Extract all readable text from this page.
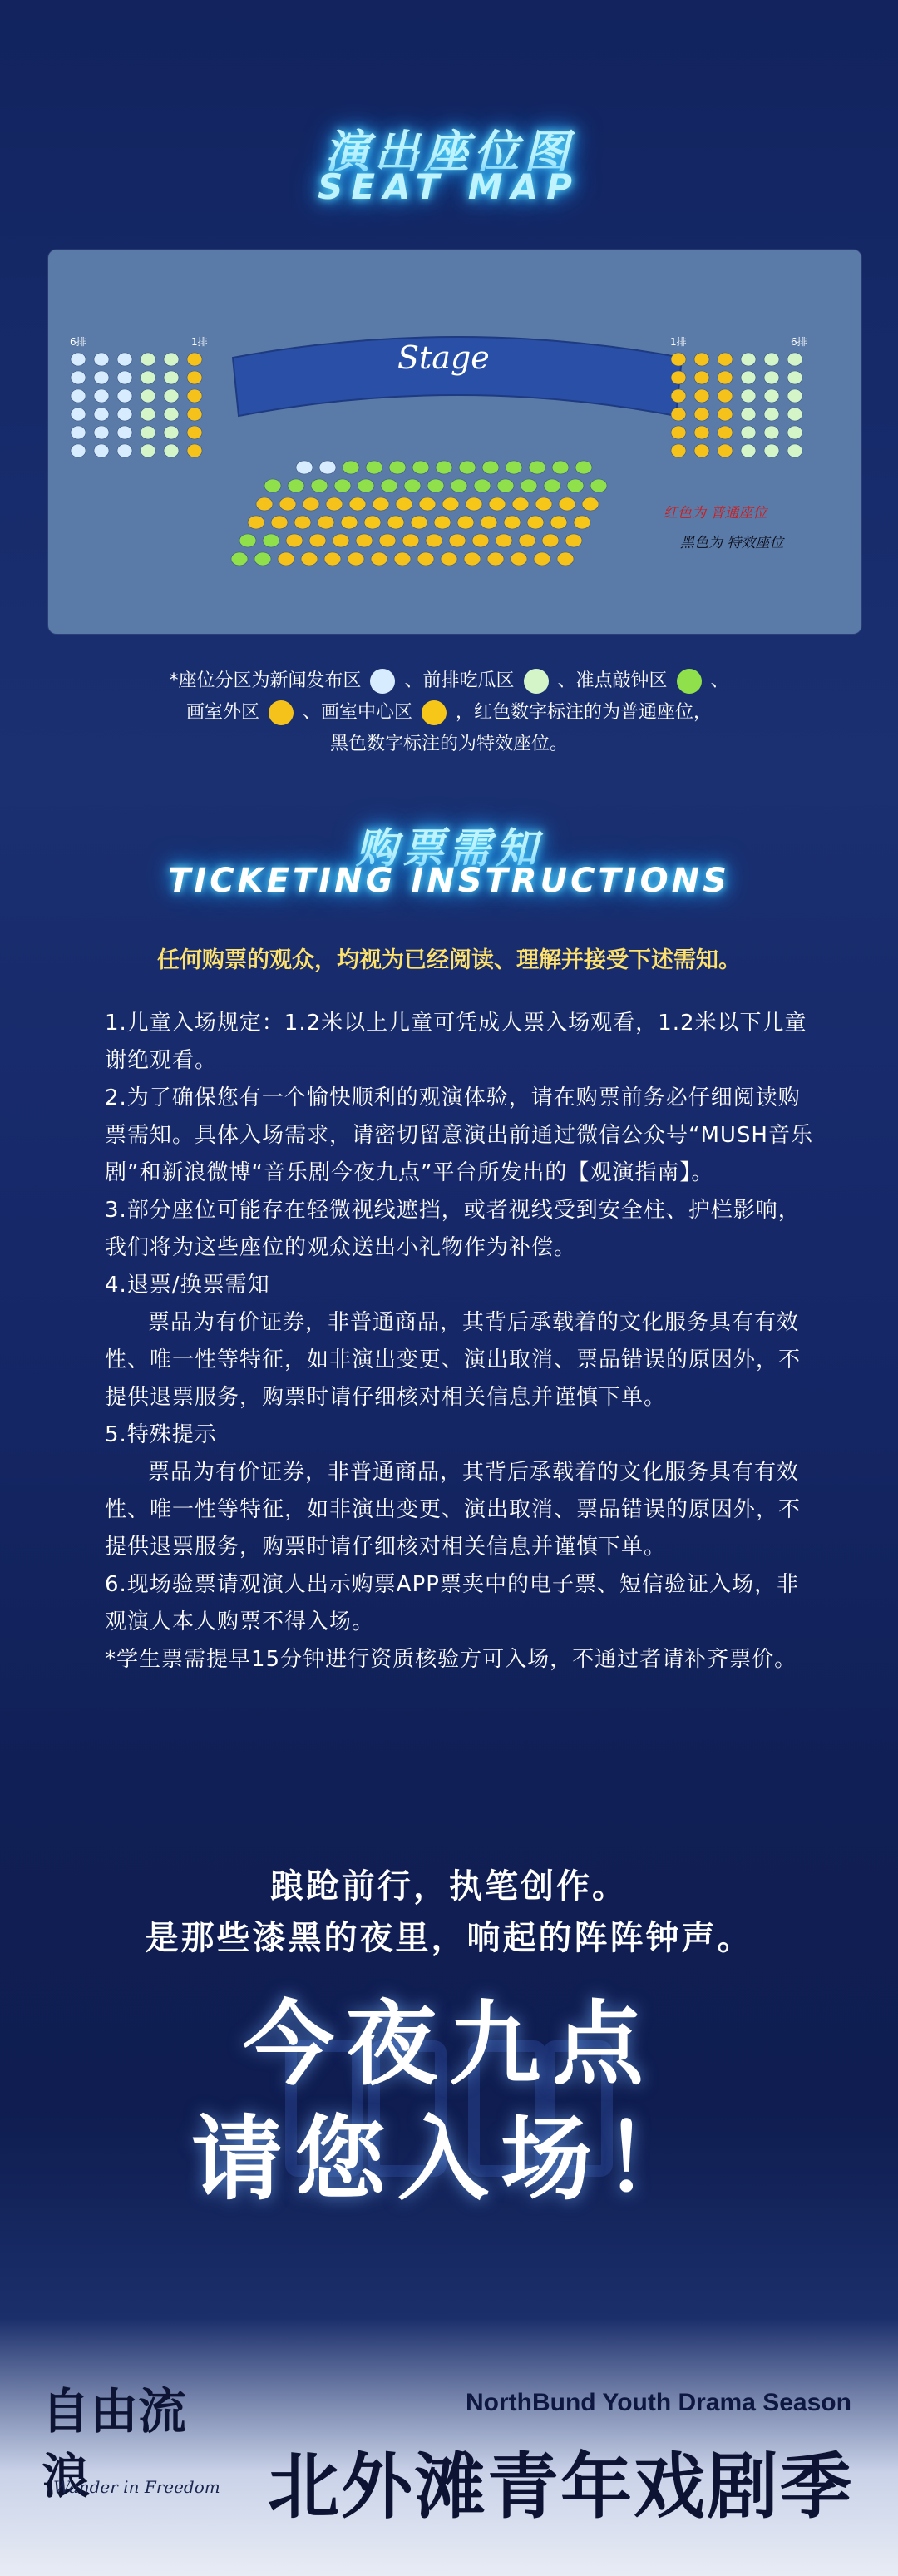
演出座位图
SEAT MAP
Stage
6排	1排	1排	6排
红色为 普通座位
黑色为 特效座位
*座位分区为新闻发布区 、前排吃瓜区 、准点敲钟区 、
画室外区 、画室中心区 ，红色数字标注的为普通座位，
黑色数字标注的为特效座位。
购票需知
TICKETING INSTRUCTIONS
任何购票的观众，均视为已经阅读、理解并接受下述需知。

1.儿童入场规定：1.2米以上儿童可凭成人票入场观看，1.2米以下儿童谢绝观看。

2.为了确保您有一个愉快顺利的观演体验，请在购票前务必仔细阅读购票需知。具体入场需求，请密切留意演出前通过微信公众号“MUSH音乐剧”和新浪微博“音乐剧今夜九点”平台所发出的【观演指南】。

3.部分座位可能存在轻微视线遮挡，或者视线受到安全柱、护栏影响，我们将为这些座位的观众送出小礼物作为补偿。

4.退票/换票需知

票品为有价证券，非普通商品，其背后承载着的文化服务具有有效性、唯一性等特征，如非演出变更、演出取消、票品错误的原因外，不提供退票服务，购票时请仔细核对相关信息并谨慎下单。

5.特殊提示

票品为有价证券，非普通商品，其背后承载着的文化服务具有有效性、唯一性等特征，如非演出变更、演出取消、票品错误的原因外，不提供退票服务，购票时请仔细核对相关信息并谨慎下单。

6.现场验票请观演人出示购票APP票夹中的电子票、短信验证入场，非观演人本人购票不得入场。

*学生票需提早15分钟进行资质核验方可入场，不通过者请补齐票价。

踉跄前行，执笔创作。
是那些漆黑的夜里，响起的阵阵钟声。
今夜九点
请您入场！
自由流浪
Wander in Freedom
NorthBund Youth Drama Season
北外滩青年戏剧季
